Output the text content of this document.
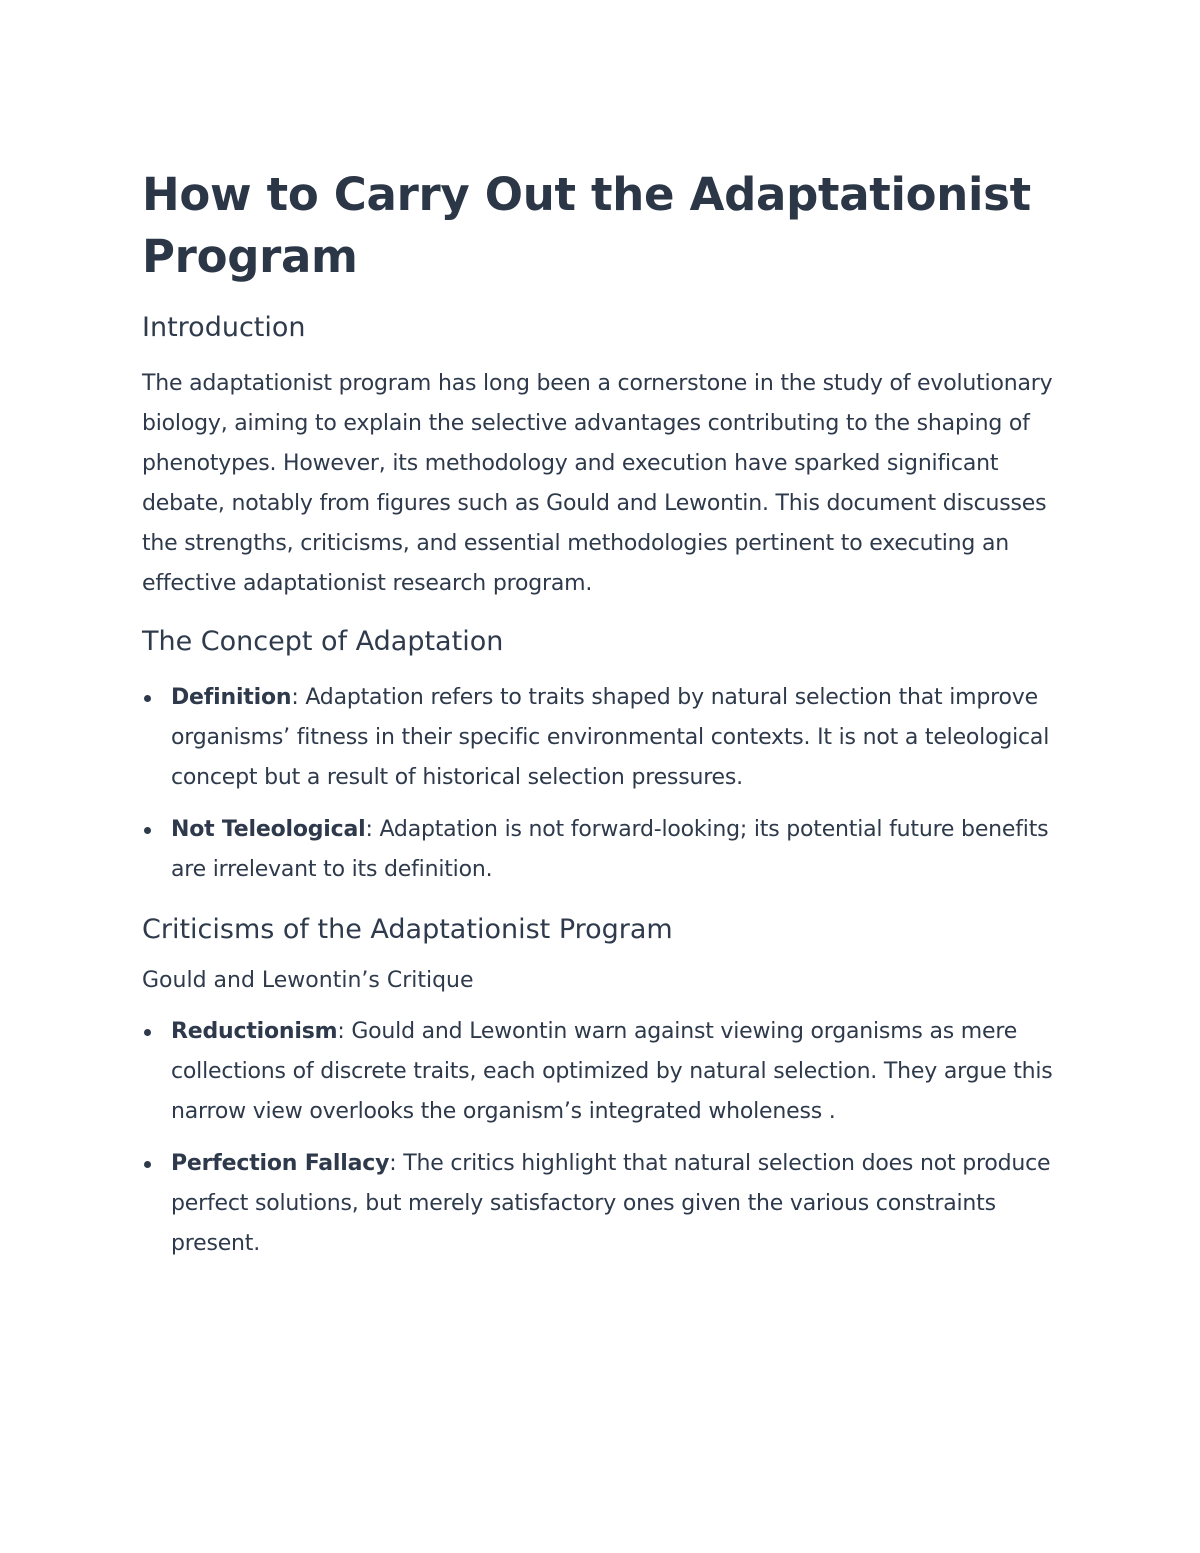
How to Carry Out the Adaptationist Program
Introduction

The adaptationist program has long been a cornerstone in the study of evolutionary biology, aiming to explain the selective advantages contributing to the shaping of phenotypes. However, its methodology and execution have sparked significant debate, notably from figures such as Gould and Lewontin. This document discusses the strengths, criticisms, and essential methodologies pertinent to executing an effective adaptationist research program.

The Concept of Adaptation
Definition: Adaptation refers to traits shaped by natural selection that improve organisms’ fitness in their specific environmental contexts. It is not a teleological concept but a result of historical selection pressures.
Not Teleological: Adaptation is not forward-looking; its potential future benefits are irrelevant to its definition.
Criticisms of the Adaptationist Program
Gould and Lewontin’s Critique
Reductionism: Gould and Lewontin warn against viewing organisms as mere collections of discrete traits, each optimized by natural selection. They argue this narrow view overlooks the organism’s integrated wholeness .
Perfection Fallacy: The critics highlight that natural selection does not produce perfect solutions, but merely satisfactory ones given the various constraints present.
